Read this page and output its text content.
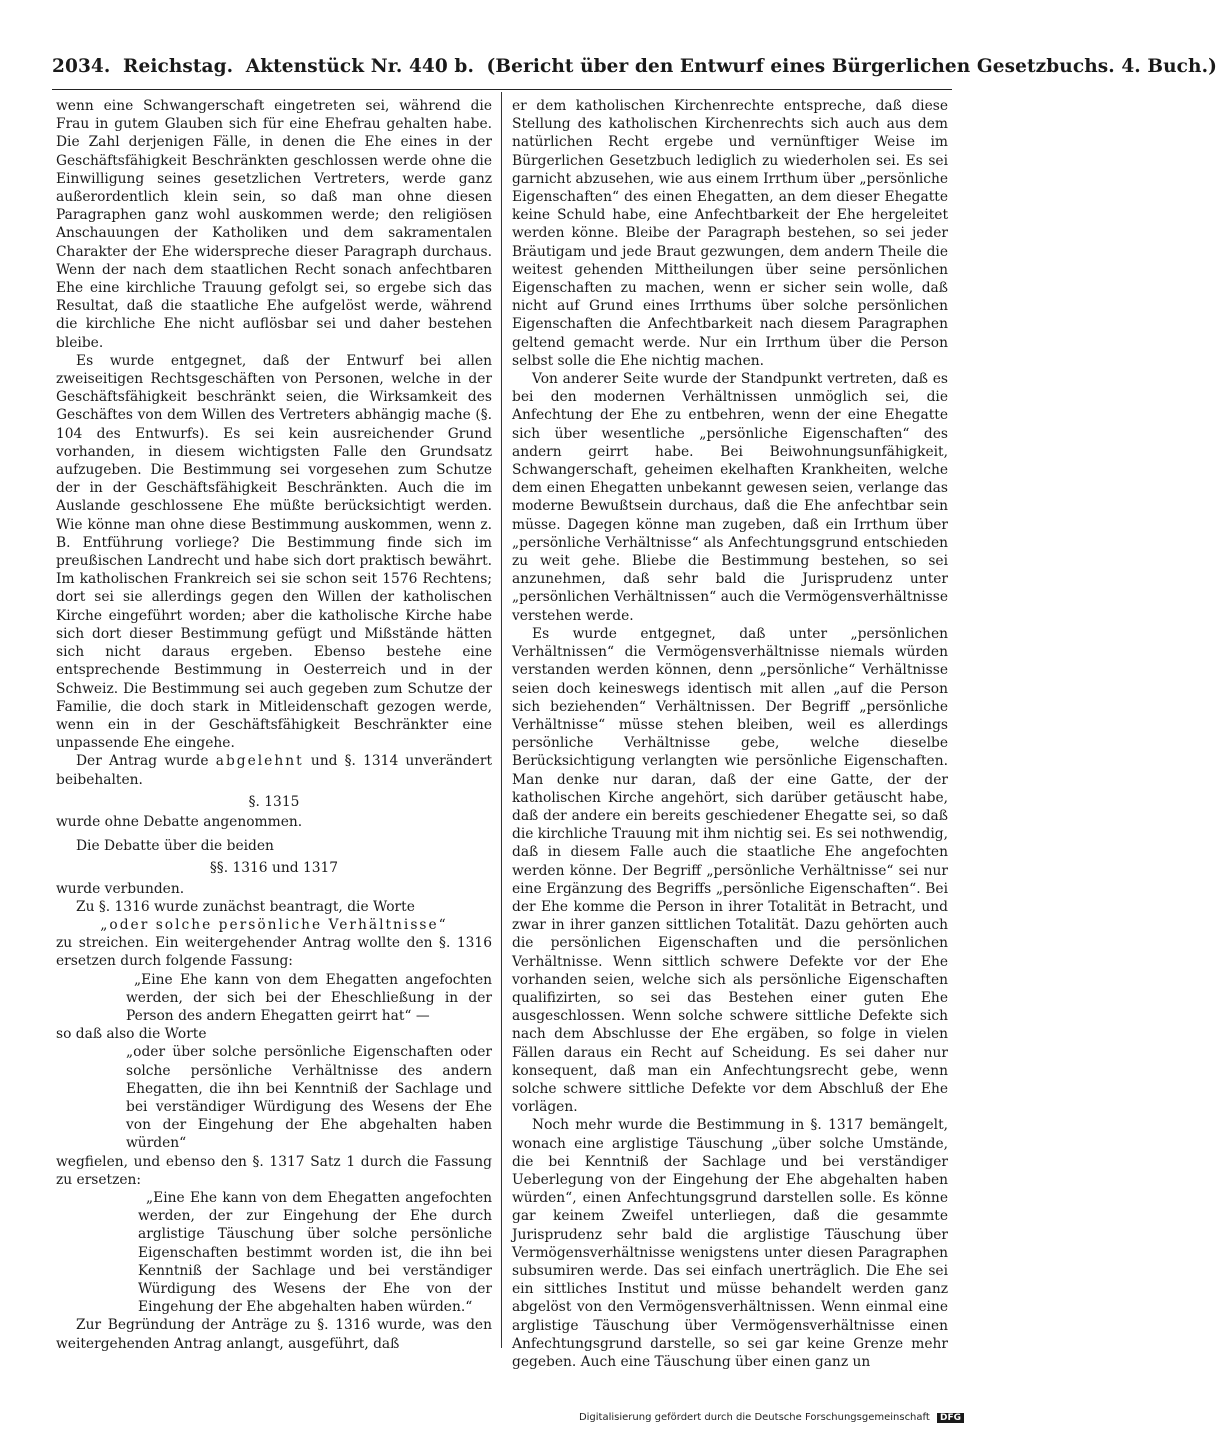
2034. Reichstag. Aktenstück Nr. 440 b. (Bericht über den Entwurf eines Bürgerlichen Gesetzbuchs. 4. Buch.)

wenn eine Schwangerschaft eingetreten sei, während die Frau in gutem Glauben sich für eine Ehefrau gehalten habe. Die Zahl derjenigen Fälle, in denen die Ehe eines in der Geschäftsfähigkeit Beschränkten geschlossen werde ohne die Einwilligung seines gesetzlichen Vertreters, werde ganz außerordentlich klein sein, so daß man ohne diesen Paragraphen ganz wohl auskommen werde; den religiösen Anschauungen der Katholiken und dem sakramentalen Charakter der Ehe widerspreche dieser Paragraph durchaus. Wenn der nach dem staatlichen Recht sonach anfechtbaren Ehe eine kirchliche Trauung gefolgt sei, so ergebe sich das Resultat, daß die staatliche Ehe aufgelöst werde, während die kirchliche Ehe nicht auflösbar sei und daher bestehen bleibe.

Es wurde entgegnet, daß der Entwurf bei allen zweiseitigen Rechtsgeschäften von Personen, welche in der Geschäftsfähigkeit beschränkt seien, die Wirksamkeit des Geschäftes von dem Willen des Vertreters abhängig mache (§. 104 des Entwurfs). Es sei kein ausreichender Grund vorhanden, in diesem wichtigsten Falle den Grundsatz aufzugeben. Die Bestimmung sei vorgesehen zum Schutze der in der Geschäftsfähigkeit Beschränkten. Auch die im Auslande geschlossene Ehe müßte berücksichtigt werden. Wie könne man ohne diese Bestimmung auskommen, wenn z. B. Entführung vorliege? Die Bestimmung finde sich im preußischen Landrecht und habe sich dort praktisch bewährt. Im katholischen Frankreich sei sie schon seit 1576 Rechtens; dort sei sie allerdings gegen den Willen der katholischen Kirche eingeführt worden; aber die katholische Kirche habe sich dort dieser Bestimmung gefügt und Mißstände hätten sich nicht daraus ergeben. Ebenso bestehe eine entsprechende Bestimmung in Oesterreich und in der Schweiz. Die Bestimmung sei auch gegeben zum Schutze der Familie, die doch stark in Mitleidenschaft gezogen werde, wenn ein in der Geschäftsfähigkeit Beschränkter eine unpassende Ehe eingehe.

Der Antrag wurde abgelehnt und §. 1314 unverändert beibehalten.

§. 1315

wurde ohne Debatte angenommen.

Die Debatte über die beiden

§§. 1316 und 1317

wurde verbunden.

Zu §. 1316 wurde zunächst beantragt, die Worte

„oder solche persönliche Verhältnisse“

zu streichen. Ein weitergehender Antrag wollte den §. 1316 ersetzen durch folgende Fassung:

„Eine Ehe kann von dem Ehegatten angefochten werden, der sich bei der Eheschließung in der Person des andern Ehegatten geirrt hat“ —

so daß also die Worte

„oder über solche persönliche Eigenschaften oder solche persönliche Verhältnisse des andern Ehegatten, die ihn bei Kenntniß der Sachlage und bei verständiger Würdigung des Wesens der Ehe von der Eingehung der Ehe abgehalten haben würden“

wegfielen, und ebenso den §. 1317 Satz 1 durch die Fassung zu ersetzen:

„Eine Ehe kann von dem Ehegatten angefochten werden, der zur Eingehung der Ehe durch arglistige Täuschung über solche persönliche Eigenschaften bestimmt worden ist, die ihn bei Kenntniß der Sachlage und bei verständiger Würdigung des Wesens der Ehe von der Eingehung der Ehe abgehalten haben würden.“

Zur Begründung der Anträge zu §. 1316 wurde, was den weitergehenden Antrag anlangt, ausgeführt, daß

er dem katholischen Kirchenrechte entspreche, daß diese Stellung des katholischen Kirchenrechts sich auch aus dem natürlichen Recht ergebe und vernünftiger Weise im Bürgerlichen Gesetzbuch lediglich zu wiederholen sei. Es sei garnicht abzusehen, wie aus einem Irrthum über „persönliche Eigenschaften“ des einen Ehegatten, an dem dieser Ehegatte keine Schuld habe, eine Anfechtbarkeit der Ehe hergeleitet werden könne. Bleibe der Paragraph bestehen, so sei jeder Bräutigam und jede Braut gezwungen, dem andern Theile die weitest gehenden Mittheilungen über seine persönlichen Eigenschaften zu machen, wenn er sicher sein wolle, daß nicht auf Grund eines Irrthums über solche persönlichen Eigenschaften die Anfechtbarkeit nach diesem Paragraphen geltend gemacht werde. Nur ein Irrthum über die Person selbst solle die Ehe nichtig machen.

Von anderer Seite wurde der Standpunkt vertreten, daß es bei den modernen Verhältnissen unmöglich sei, die Anfechtung der Ehe zu entbehren, wenn der eine Ehegatte sich über wesentliche „persönliche Eigenschaften“ des andern geirrt habe. Bei Beiwohnungsunfähigkeit, Schwangerschaft, geheimen ekelhaften Krankheiten, welche dem einen Ehegatten unbekannt gewesen seien, verlange das moderne Bewußtsein durchaus, daß die Ehe anfechtbar sein müsse. Dagegen könne man zugeben, daß ein Irrthum über „persönliche Verhältnisse“ als Anfechtungsgrund entschieden zu weit gehe. Bliebe die Bestimmung bestehen, so sei anzunehmen, daß sehr bald die Jurisprudenz unter „persönlichen Verhältnissen“ auch die Vermögensverhältnisse verstehen werde.

Es wurde entgegnet, daß unter „persönlichen Verhältnissen“ die Vermögensverhältnisse niemals würden verstanden werden können, denn „persönliche“ Verhältnisse seien doch keineswegs identisch mit allen „auf die Person sich beziehenden“ Verhältnissen. Der Begriff „persönliche Verhältnisse“ müsse stehen bleiben, weil es allerdings persönliche Verhältnisse gebe, welche dieselbe Berücksichtigung verlangten wie persönliche Eigenschaften. Man denke nur daran, daß der eine Gatte, der der katholischen Kirche angehört, sich darüber getäuscht habe, daß der andere ein bereits geschiedener Ehegatte sei, so daß die kirchliche Trauung mit ihm nichtig sei. Es sei nothwendig, daß in diesem Falle auch die staatliche Ehe angefochten werden könne. Der Begriff „persönliche Verhältnisse“ sei nur eine Ergänzung des Begriffs „persönliche Eigenschaften“. Bei der Ehe komme die Person in ihrer Totalität in Betracht, und zwar in ihrer ganzen sittlichen Totalität. Dazu gehörten auch die persönlichen Eigenschaften und die persönlichen Verhältnisse. Wenn sittlich schwere Defekte vor der Ehe vorhanden seien, welche sich als persönliche Eigenschaften qualifizirten, so sei das Bestehen einer guten Ehe ausgeschlossen. Wenn solche schwere sittliche Defekte sich nach dem Abschlusse der Ehe ergäben, so folge in vielen Fällen daraus ein Recht auf Scheidung. Es sei daher nur konsequent, daß man ein Anfechtungsrecht gebe, wenn solche schwere sittliche Defekte vor dem Abschluß der Ehe vorlägen.

Noch mehr wurde die Bestimmung in §. 1317 bemängelt, wonach eine arglistige Täuschung „über solche Umstände, die bei Kenntniß der Sachlage und bei verständiger Ueberlegung von der Eingehung der Ehe abgehalten haben würden“, einen Anfechtungsgrund darstellen solle. Es könne gar keinem Zweifel unterliegen, daß die gesammte Jurisprudenz sehr bald die arglistige Täuschung über Vermögensverhältnisse wenigstens unter diesen Paragraphen subsumiren werde. Das sei einfach unerträglich. Die Ehe sei ein sittliches Institut und müsse behandelt werden ganz abgelöst von den Vermögensverhältnissen. Wenn einmal eine arglistige Täuschung über Vermögensverhältnisse einen Anfechtungsgrund darstelle, so sei gar keine Grenze mehr gegeben. Auch eine Täuschung über einen ganz un

Digitalisierung gefördert durch die Deutsche Forschungsgemeinschaft DFG
